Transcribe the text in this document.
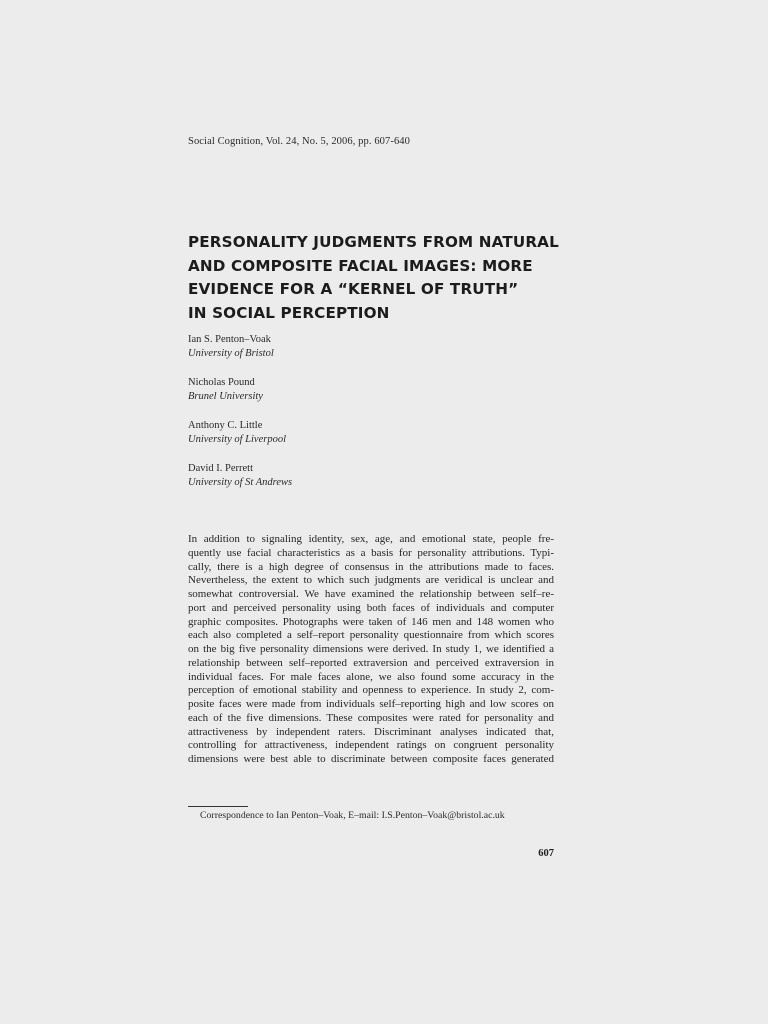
Social Cognition, Vol. 24, No. 5, 2006, pp. 607-640
PERSONALITY JUDGMENTS FROM NATURAL
AND COMPOSITE FACIAL IMAGES: MORE
EVIDENCE FOR A “KERNEL OF TRUTH”
IN SOCIAL PERCEPTION
Ian S. Penton–Voak
University of Bristol
Nicholas Pound
Brunel University
Anthony C. Little
University of Liverpool
David I. Perrett
University of St Andrews
In addition to signaling identity, sex, age, and emotional state, people fre-
quently use facial characteristics as a basis for personality attributions. Typi-
cally, there is a high degree of consensus in the attributions made to faces.
Nevertheless, the extent to which such judgments are veridical is unclear and
somewhat controversial. We have examined the relationship between self–re-
port and perceived personality using both faces of individuals and computer
graphic composites. Photographs were taken of 146 men and 148 women who
each also completed a self–report personality questionnaire from which scores
on the big five personality dimensions were derived. In study 1, we identified a
relationship between self–reported extraversion and perceived extraversion in
individual faces. For male faces alone, we also found some accuracy in the
perception of emotional stability and openness to experience. In study 2, com-
posite faces were made from individuals self–reporting high and low scores on
each of the five dimensions. These composites were rated for personality and
attractiveness by independent raters. Discriminant analyses indicated that,
controlling for attractiveness, independent ratings on congruent personality
dimensions were best able to discriminate between composite faces generated
Correspondence to Ian Penton–Voak, E–mail: I.S.Penton–Voak@bristol.ac.uk
607
